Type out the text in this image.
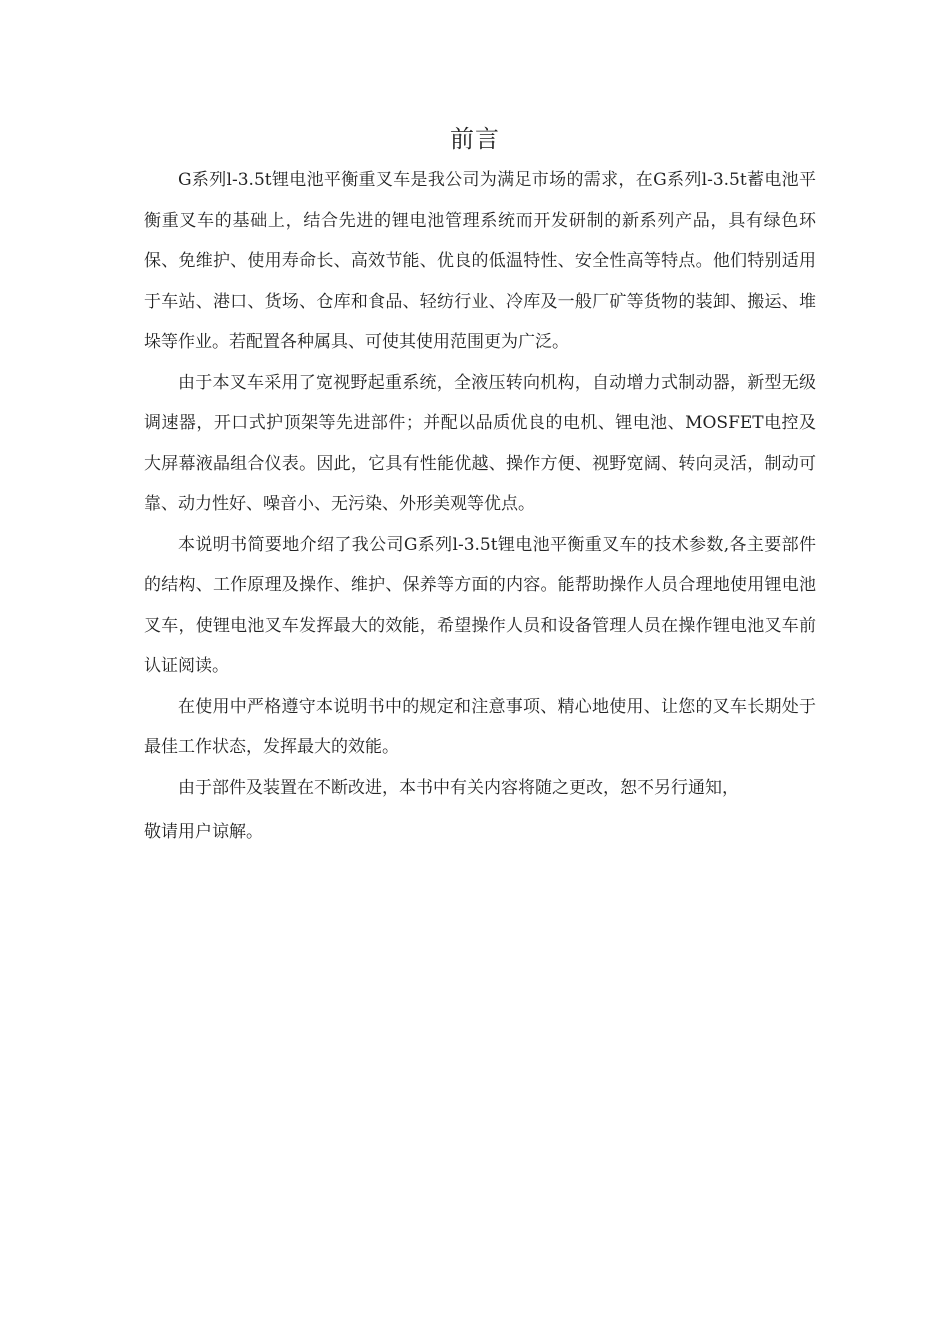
前言

G系列l-3.5t锂电池平衡重叉车是我公司为满足市场的需求，在G系列l-3.5t蓄电池平衡重叉车的基础上，结合先进的锂电池管理系统而开发研制的新系列产品，具有绿色环保、免维护、使用寿命长、高效节能、优良的低温特性、安全性高等特点。他们特别适用于车站、港口、货场、仓库和食品、轻纺行业、冷库及一般厂矿等货物的装卸、搬运、堆垛等作业。若配置各种属具、可使其使用范围更为广泛。

由于本叉车采用了宽视野起重系统，全液压转向机构，自动增力式制动器，新型无级调速器，开口式护顶架等先进部件；并配以品质优良的电机、锂电池、MOSFET电控及大屏幕液晶组合仪表。因此，它具有性能优越、操作方便、视野宽阔、转向灵活，制动可靠、动力性好、噪音小、无污染、外形美观等优点。

本说明书简要地介绍了我公司G系列l-3.5t锂电池平衡重叉车的技术参数,各主要部件的结构、工作原理及操作、维护、保养等方面的内容。能帮助操作人员合理地使用锂电池叉车，使锂电池叉车发挥最大的效能，希望操作人员和设备管理人员在操作锂电池叉车前认证阅读。

在使用中严格遵守本说明书中的规定和注意事项、精心地使用、让您的叉车长期处于最佳工作状态，发挥最大的效能。

由于部件及装置在不断改进，本书中有关内容将随之更改，恕不另行通知，
敬请用户谅解。
